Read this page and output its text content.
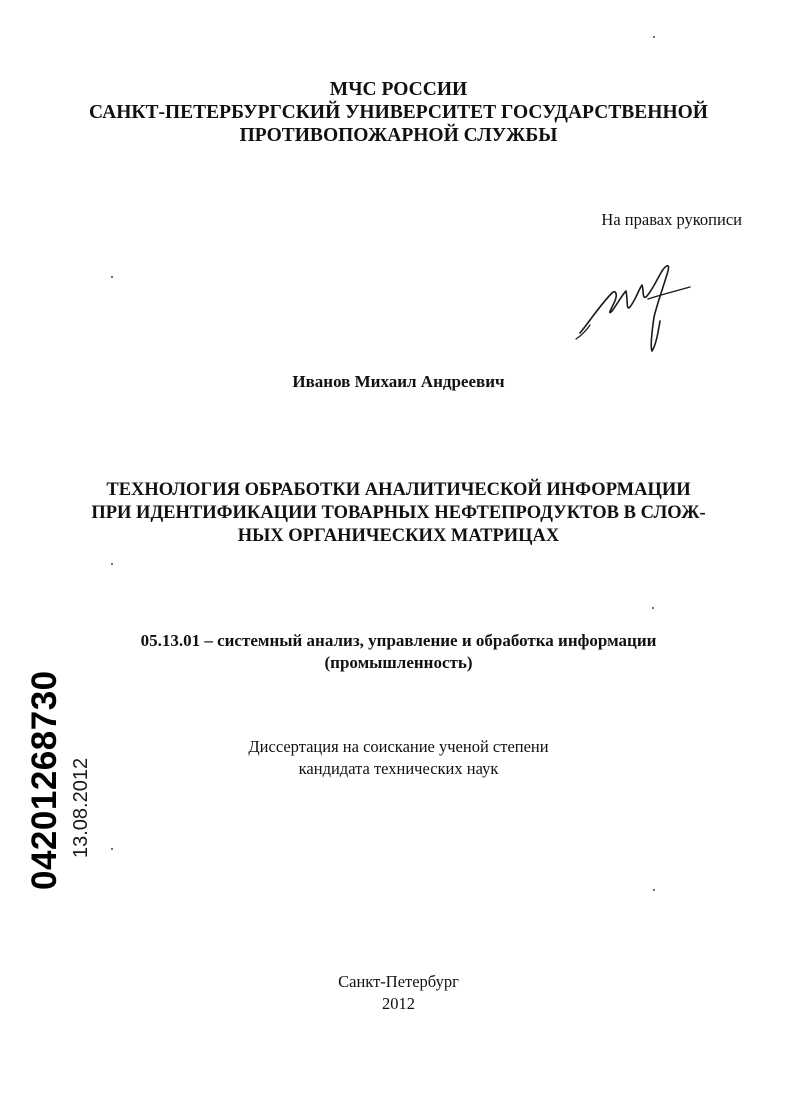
МЧС РОССИИ
САНКТ-ПЕТЕРБУРГСКИЙ УНИВЕРСИТЕТ ГОСУДАРСТВЕННОЙ
ПРОТИВОПОЖАРНОЙ СЛУЖБЫ
На правах рукописи
Иванов Михаил Андреевич
ТЕХНОЛОГИЯ ОБРАБОТКИ АНАЛИТИЧЕСКОЙ ИНФОРМАЦИИ
ПРИ ИДЕНТИФИКАЦИИ ТОВАРНЫХ НЕФТЕПРОДУКТОВ В СЛОЖ-
НЫХ ОРГАНИЧЕСКИХ МАТРИЦАХ
05.13.01 – системный анализ, управление и обработка информации
(промышленность)
Диссертация на соискание ученой степени
кандидата технических наук
Санкт-Петербург
2012
04201268730 13.08.2012
